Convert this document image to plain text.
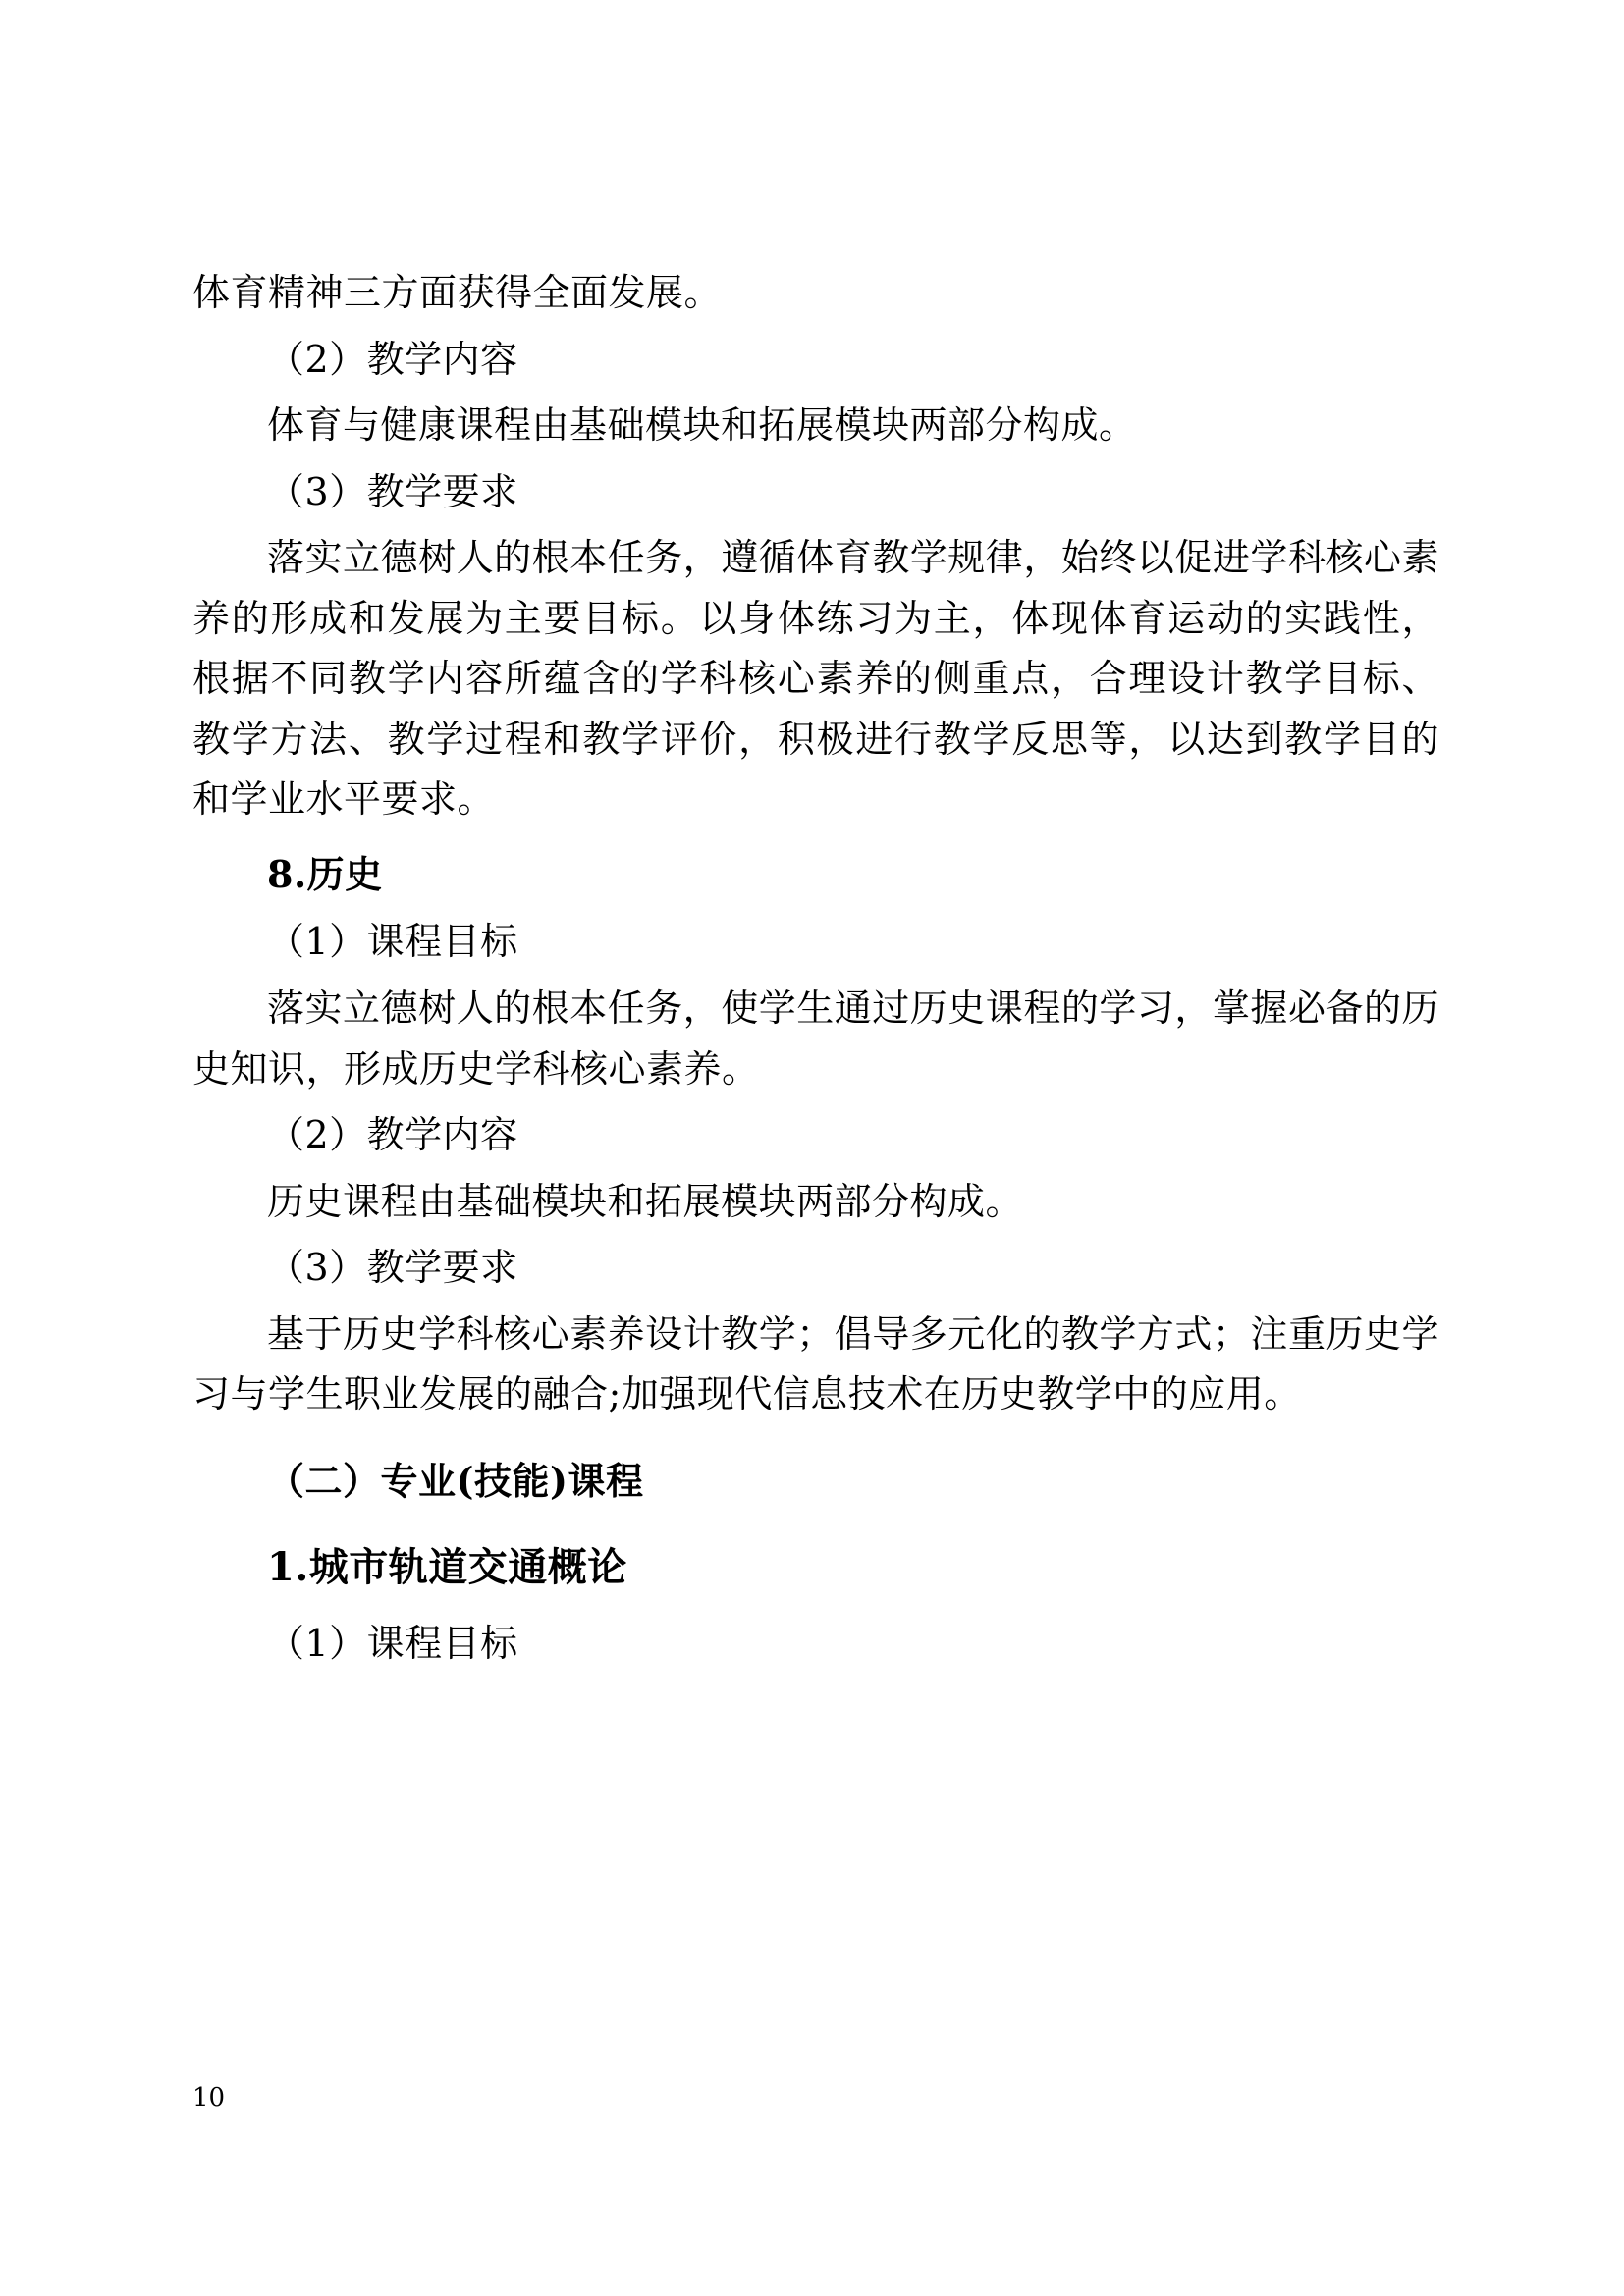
体育精神三方面获得全面发展。

（2）教学内容

体育与健康课程由基础模块和拓展模块两部分构成。

（3）教学要求

落实立德树人的根本任务，遵循体育教学规律，始终以促进学科核心素养的形成和发展为主要目标。以身体练习为主，体现体育运动的实践性，根据不同教学内容所蕴含的学科核心素养的侧重点，合理设计教学目标、教学方法、教学过程和教学评价，积极进行教学反思等，以达到教学目的和学业水平要求。

8.历史

（1）课程目标

落实立德树人的根本任务，使学生通过历史课程的学习，掌握必备的历史知识，形成历史学科核心素养。

（2）教学内容

历史课程由基础模块和拓展模块两部分构成。

（3）教学要求

基于历史学科核心素养设计教学；倡导多元化的教学方式；注重历史学习与学生职业发展的融合;加强现代信息技术在历史教学中的应用。

（二）专业(技能)课程

1.城市轨道交通概论

（1）课程目标

10
